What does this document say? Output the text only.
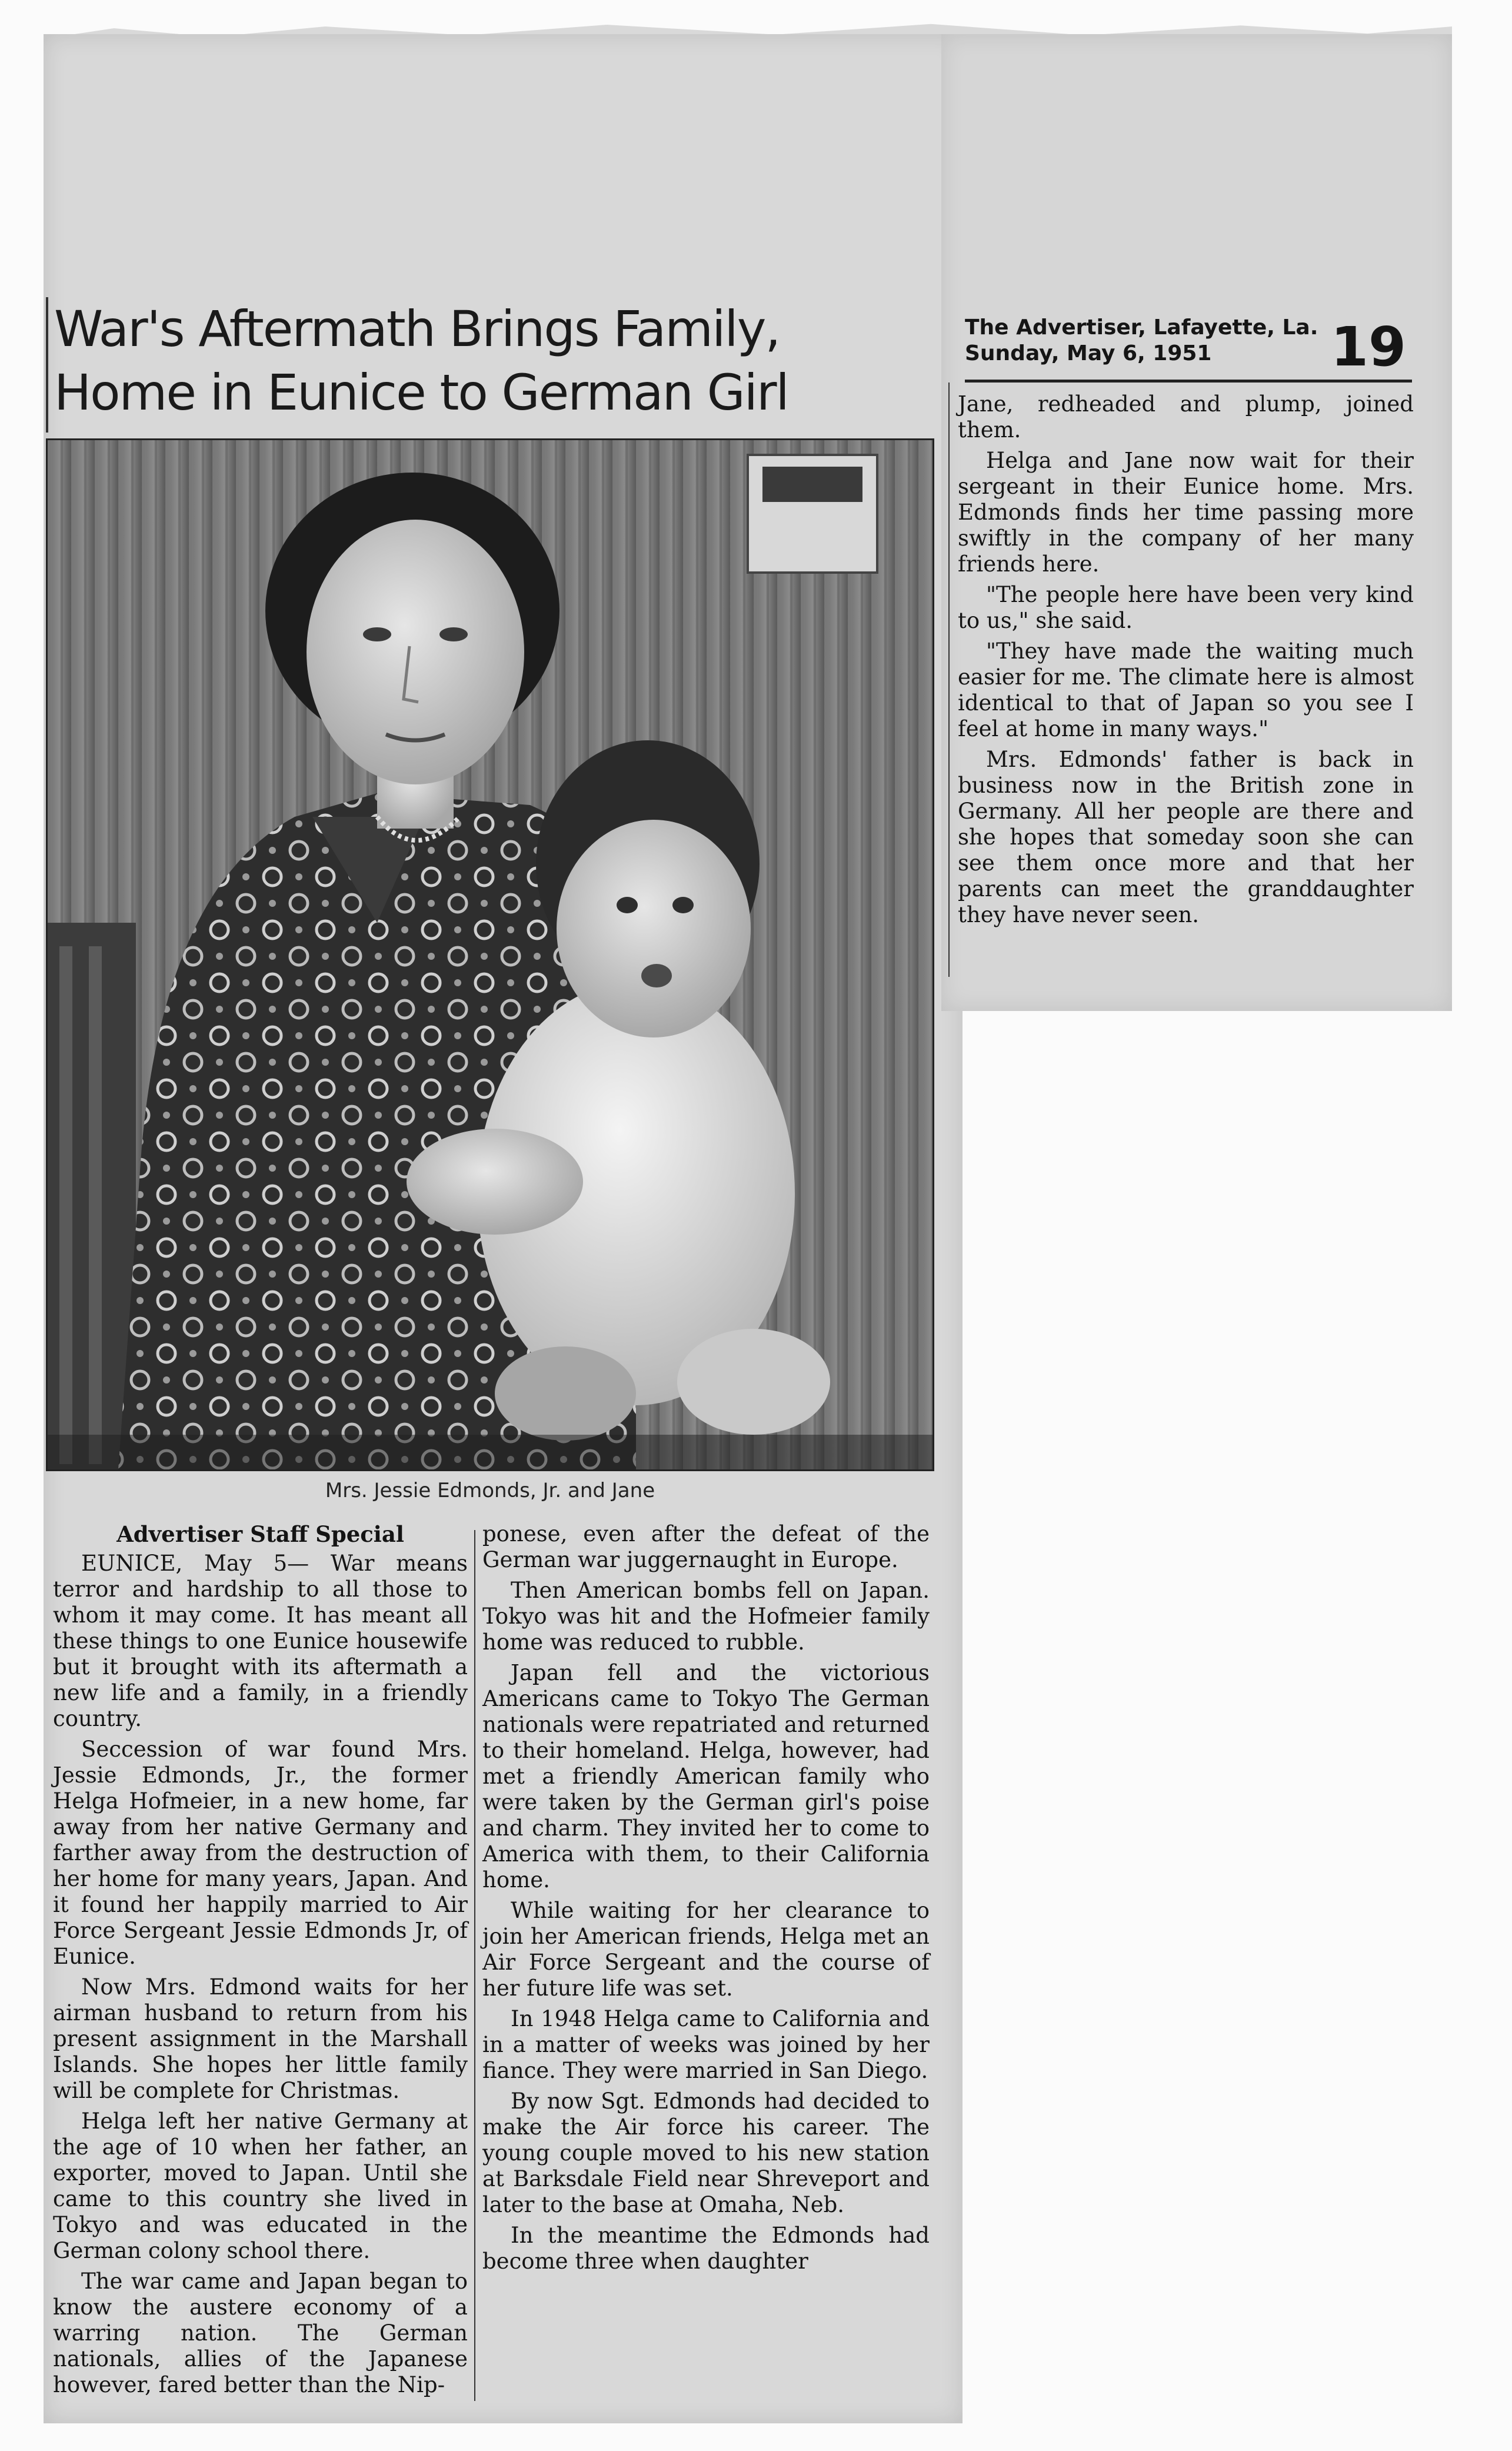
War's Aftermath Brings Family,
Home in Eunice to German Girl
The Advertiser, Lafayette, La.
Sunday, May 6, 1951	19
Mrs. Jessie Edmonds, Jr. and Jane

Advertiser Staff Special

EUNICE, May 5— War means terror and hardship to all those to whom it may come. It has meant all these things to one Eunice housewife but it brought with its aftermath a new life and a family, in a friendly country.

Seccession of war found Mrs. Jessie Edmonds, Jr., the former Helga Hofmeier, in a new home, far away from her native Germany and farther away from the destruction of her home for many years, Japan. And it found her happily married to Air Force Sergeant Jessie Edmonds Jr, of Eunice.

Now Mrs. Edmond waits for her airman husband to return from his present assignment in the Marshall Islands. She hopes her little family will be complete for Christmas.

Helga left her native Germany at the age of 10 when her father, an exporter, moved to Japan. Until she came to this country she lived in Tokyo and was educated in the German colony school there.

The war came and Japan began to know the austere economy of a warring nation. The German nationals, allies of the Japanese however, fared better than the Nip-

ponese, even after the defeat of the German war juggernaught in Europe.

Then American bombs fell on Japan. Tokyo was hit and the Hofmeier family home was reduced to rubble.

Japan fell and the victorious Americans came to Tokyo The German nationals were repatriated and returned to their homeland. Helga, however, had met a friendly American family who were taken by the German girl's poise and charm. They invited her to come to America with them, to their California home.

While waiting for her clearance to join her American friends, Helga met an Air Force Sergeant and the course of her future life was set.

In 1948 Helga came to California and in a matter of weeks was joined by her fiance. They were married in San Diego.

By now Sgt. Edmonds had decided to make the Air force his career. The young couple moved to his new station at Barksdale Field near Shreveport and later to the base at Omaha, Neb.

In the meantime the Edmonds had become three when daughter

Jane, redheaded and plump, joined them.

Helga and Jane now wait for their sergeant in their Eunice home. Mrs. Edmonds finds her time passing more swiftly in the company of her many friends here.

"The people here have been very kind to us," she said.

"They have made the waiting much easier for me. The climate here is almost identical to that of Japan so you see I feel at home in many ways."

Mrs. Edmonds' father is back in business now in the British zone in Germany. All her people are there and she hopes that someday soon she can see them once more and that her parents can meet the granddaughter they have never seen.
